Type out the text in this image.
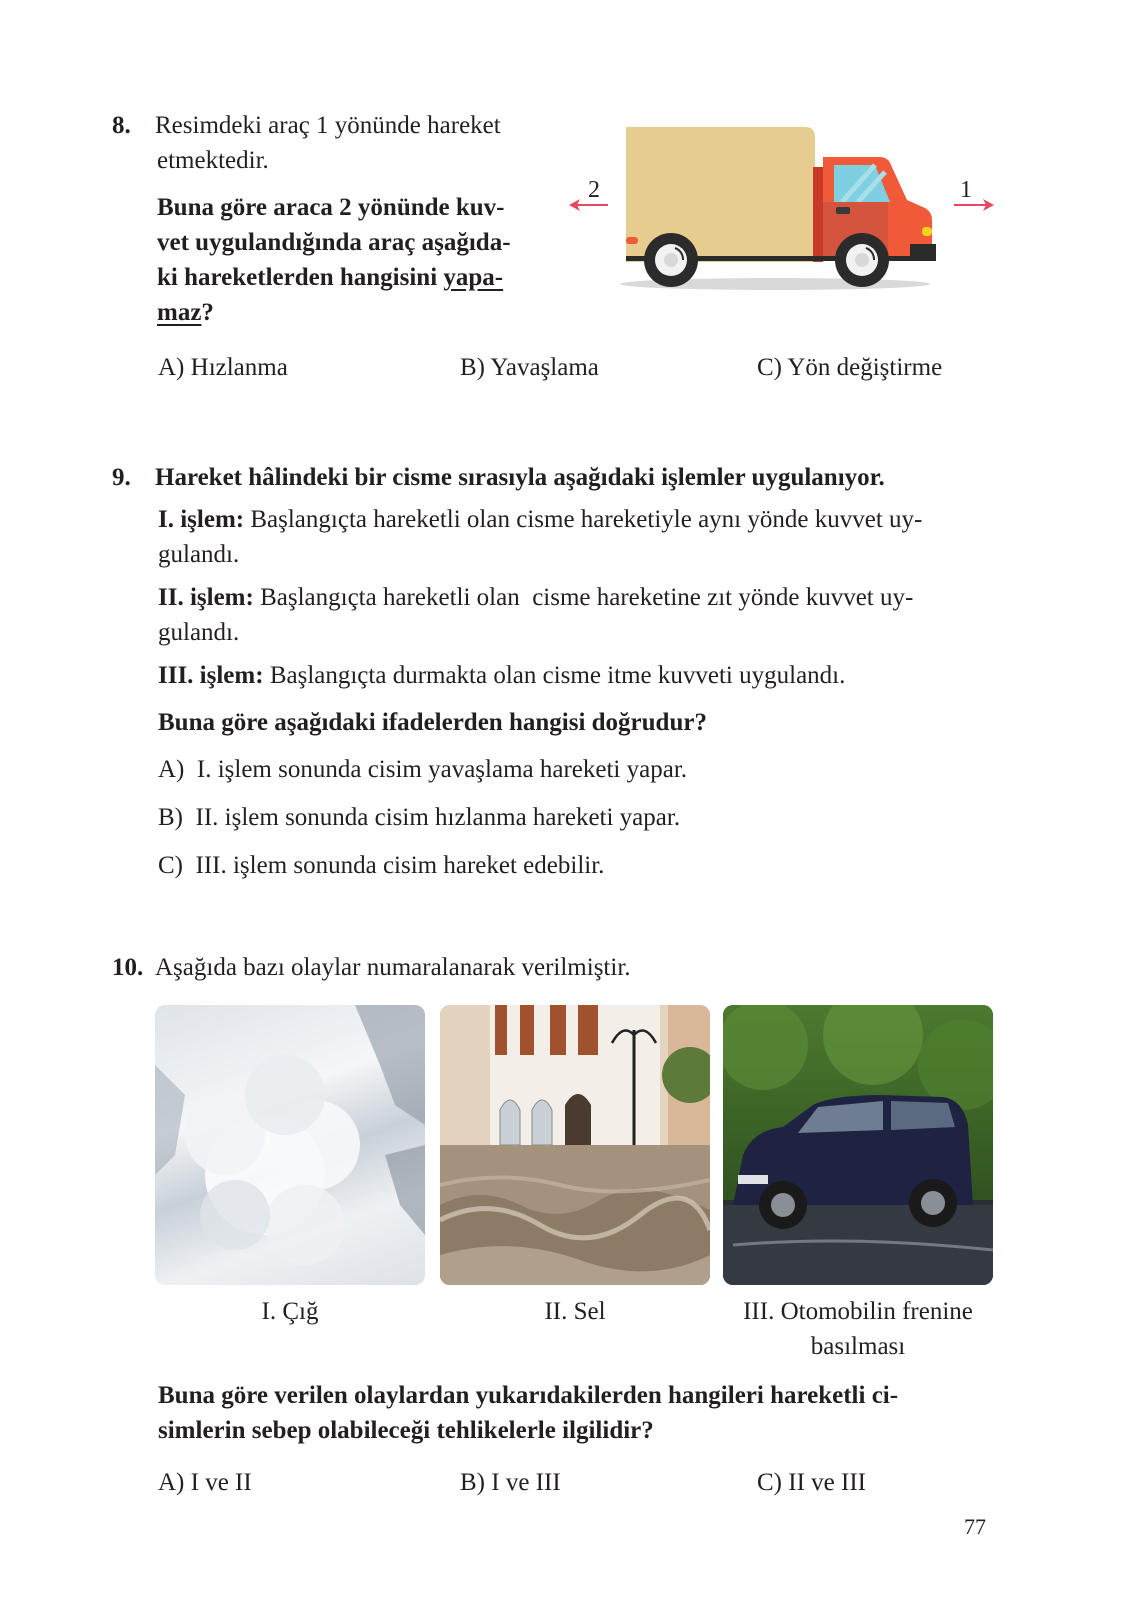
8. Resimdeki araç 1 yönünde hareket
etmektedir.
Buna göre araca 2 yönünde kuv-
vet uygulandığında araç aşağıda-
ki hareketlerden hangisini yapa-
maz?
2	1
A) Hızlanma	B) Yavaşlama	C) Yön değiştirme
9. Hareket hâlindeki bir cisme sırasıyla aşağıdaki işlemler uygulanıyor.
I. işlem: Başlangıçta hareketli olan cisme hareketiyle aynı yönde kuvvet uy-
gulandı.
II. işlem: Başlangıçta hareketli olan  cisme hareketine zıt yönde kuvvet uy-
gulandı.
III. işlem: Başlangıçta durmakta olan cisme itme kuvveti uygulandı.
Buna göre aşağıdaki ifadelerden hangisi doğrudur?
A) I. işlem sonunda cisim yavaşlama hareketi yapar.
B) II. işlem sonunda cisim hızlanma hareketi yapar.
C) III. işlem sonunda cisim hareket edebilir.
10. Aşağıda bazı olaylar numaralanarak verilmiştir.
I. Çığ	II. Sel	III. Otomobilin frenine
basılması
Buna göre verilen olaylardan yukarıdakilerden hangileri hareketli ci-
simlerin sebep olabileceği tehlikelerle ilgilidir?
A) I ve II	B) I ve III	C) II ve III
77
